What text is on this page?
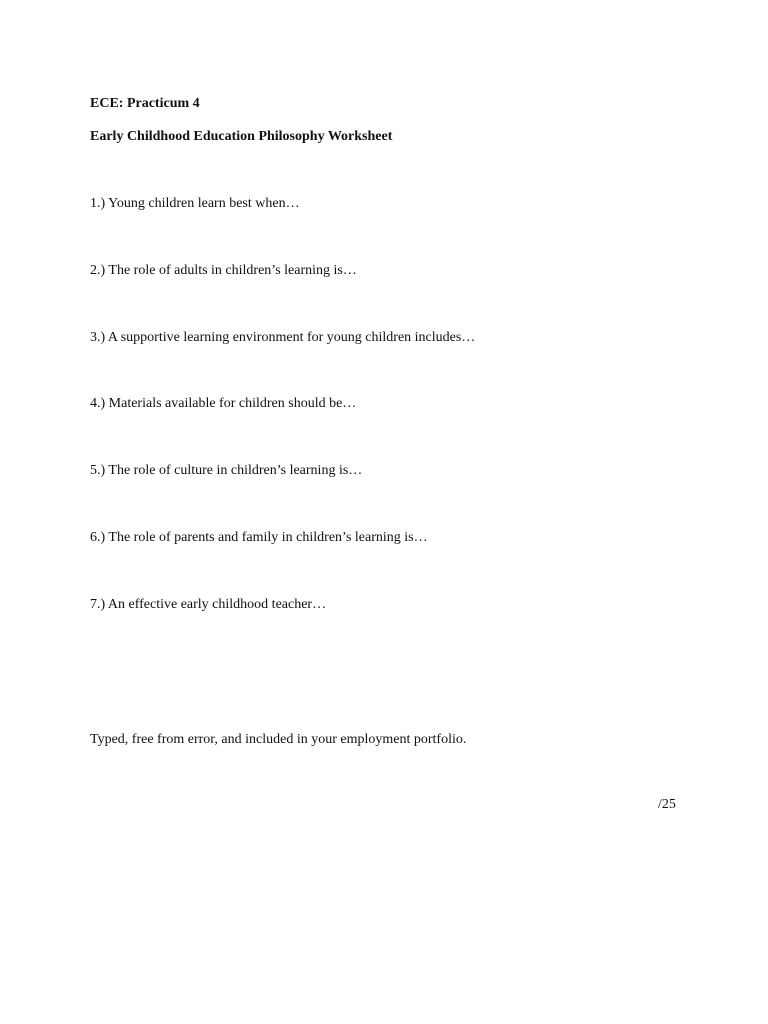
ECE: Practicum 4
Early Childhood Education Philosophy Worksheet
1.) Young children learn best when…
2.) The role of adults in children’s learning is…
3.) A supportive learning environment for young children includes…
4.) Materials available for children should be…
5.) The role of culture in children’s learning is…
6.) The role of parents and family in children’s learning is…
7.) An effective early childhood teacher…
Typed, free from error, and included in your employment portfolio.
/25
